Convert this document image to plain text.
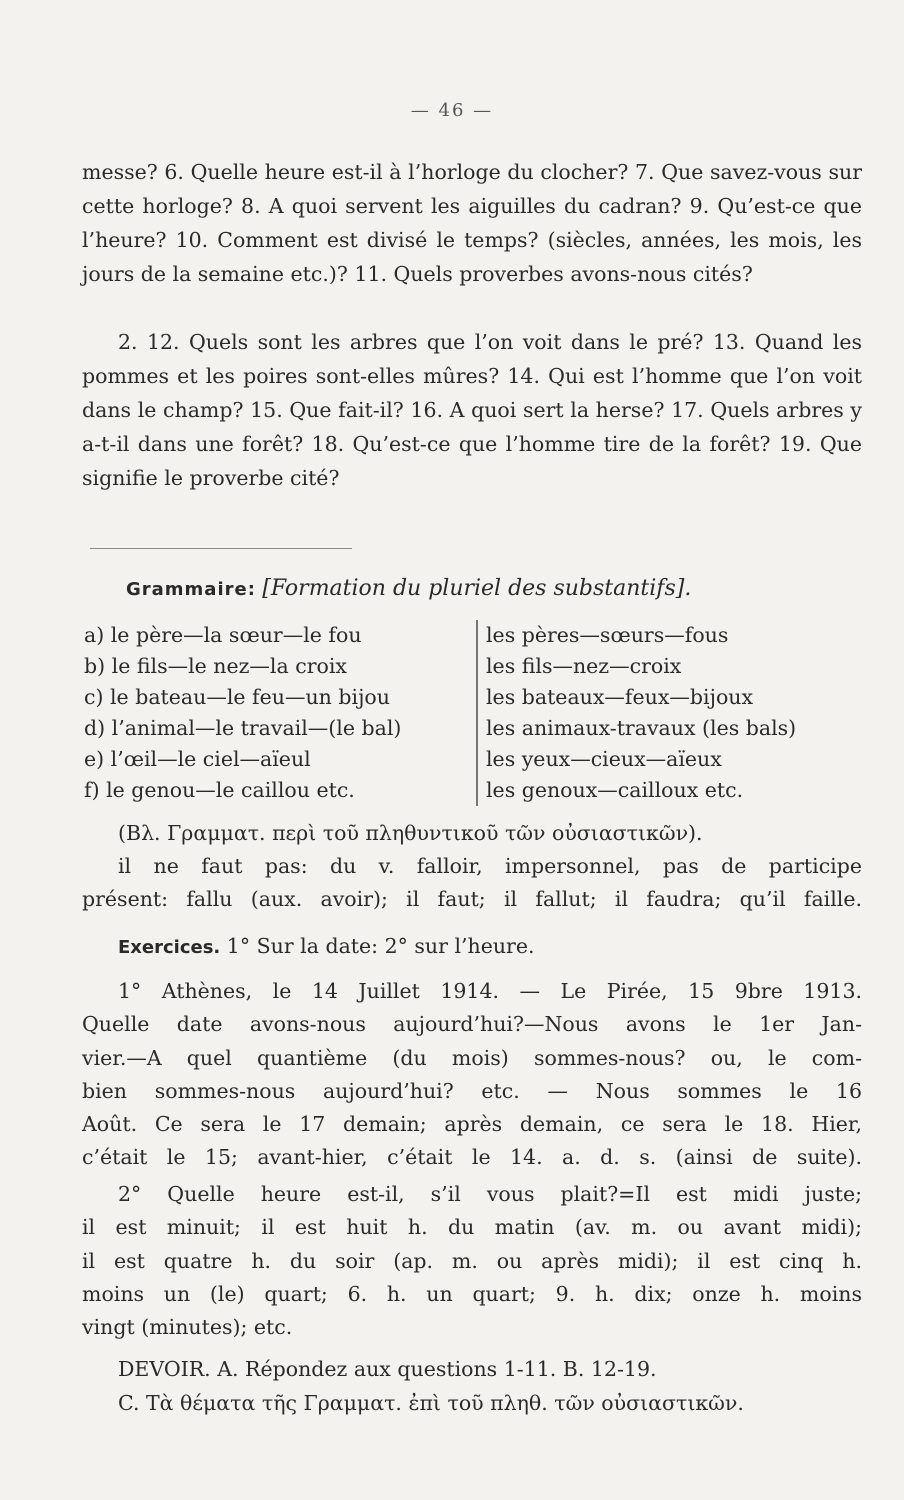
— 46 —
messe? 6. Quelle heure est-il à l’horloge du clocher? 7. Que savez-vous sur cette horloge? 8. A quoi servent les aiguilles du cadran? 9. Qu’est-ce que l’heure? 10. Comment est divisé le temps? (siècles, années, les mois, les jours de la semaine etc.)? 11. Quels proverbes avons-nous cités?
2. 12. Quels sont les arbres que l’on voit dans le pré? 13. Quand les pommes et les poires sont-elles mûres? 14. Qui est l’homme que l’on voit dans le champ? 15. Que fait-il? 16. A quoi sert la herse? 17. Quels arbres y a-t-il dans une forêt? 18. Qu’est-ce que l’homme tire de la forêt? 19. Que signifie le proverbe cité?
Grammaire: [Formation du pluriel des substantifs].
a) le père—la sœur—le fou	les pères—sœurs—fous
b) le fils—le nez—la croix	les fils—nez—croix
c) le bateau—le feu—un bijou	les bateaux—feux—bijoux
d) l’animal—le travail—(le bal)	les animaux-travaux (les bals)
e) l’œil—le ciel—aïeul	les yeux—cieux—aïeux
f) le genou—le caillou etc.	les genoux—cailloux etc.
(Βλ. Γραμματ. περὶ τοῦ πληθυντικοῦ τῶν οὐσιαστικῶν).
il ne faut pas: du v. falloir, impersonnel, pas de participe
présent: fallu (aux. avoir); il faut; il fallut; il faudra; qu’il faille.
Exercices. 1° Sur la date: 2° sur l’heure.
1° Athènes, le 14 Juillet 1914. — Le Pirée, 15 9bre 1913.
Quelle date avons-nous aujourd’hui?—Nous avons le 1er Jan-
vier.—A quel quantième (du mois) sommes-nous? ou, le com-
bien sommes-nous aujourd’hui? etc. — Nous sommes le 16
Août. Ce sera le 17 demain; après demain, ce sera le 18. Hier,
c’était le 15; avant-hier, c’était le 14. a. d. s. (ainsi de suite).
2° Quelle heure est-il, s’il vous plait?=Il est midi juste;
il est minuit; il est huit h. du matin (av. m. ou avant midi);
il est quatre h. du soir (ap. m. ou après midi); il est cinq h.
moins un (le) quart; 6. h. un quart; 9. h. dix; onze h. moins
vingt (minutes); etc.
DEVOIR. A. Répondez aux questions 1-11. B. 12-19.
C. Τὰ θέματα τῆς Γραμματ. ἐπὶ τοῦ πληθ. τῶν οὐσιαστικῶν.
